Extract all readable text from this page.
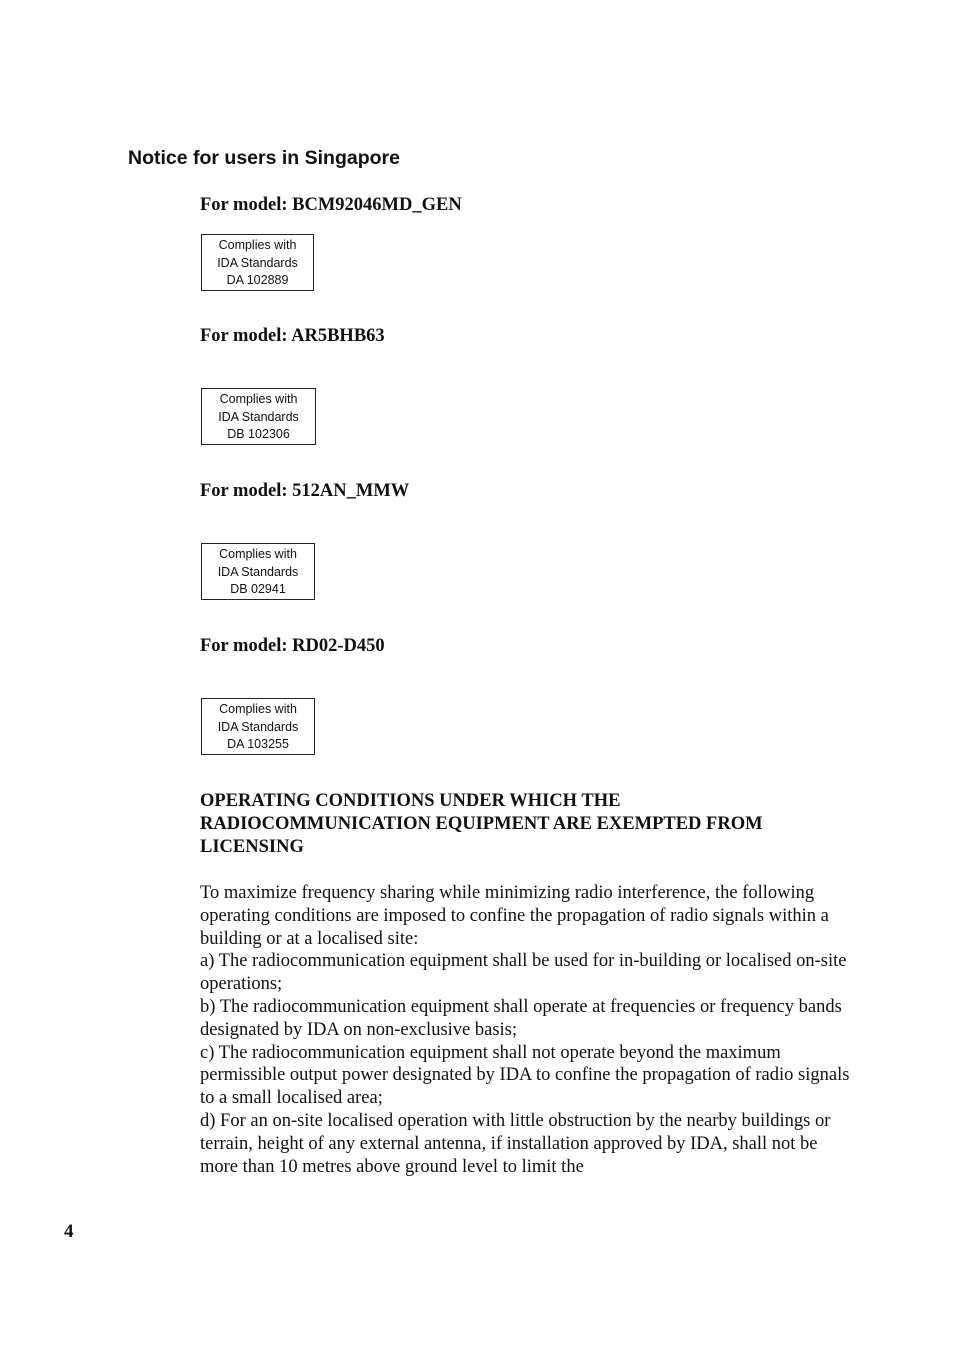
Notice for users in Singapore
For model: BCM92046MD_GEN
Complies with
IDA Standards
DA 102889
For model: AR5BHB63
Complies with
IDA Standards
DB 102306
For model: 512AN_MMW
Complies with
IDA Standards
DB 02941
For model: RD02-D450
Complies with
IDA Standards
DA 103255
OPERATING CONDITIONS UNDER WHICH THE RADIOCOMMUNICATION EQUIPMENT ARE EXEMPTED FROM LICENSING

To maximize frequency sharing while minimizing radio interference, the following operating conditions are imposed to confine the propagation of radio signals within a building or at a localised site:

a) The radiocommunication equipment shall be used for in-building or localised on-site operations;

b) The radiocommunication equipment shall operate at frequencies or frequency bands designated by IDA on non-exclusive basis;

c) The radiocommunication equipment shall not operate beyond the maximum permissible output power designated by IDA to confine the propagation of radio signals to a small localised area;

d) For an on-site localised operation with little obstruction by the nearby buildings or terrain, height of any external antenna, if installation approved by IDA, shall not be more than 10 metres above ground level to limit the

4
